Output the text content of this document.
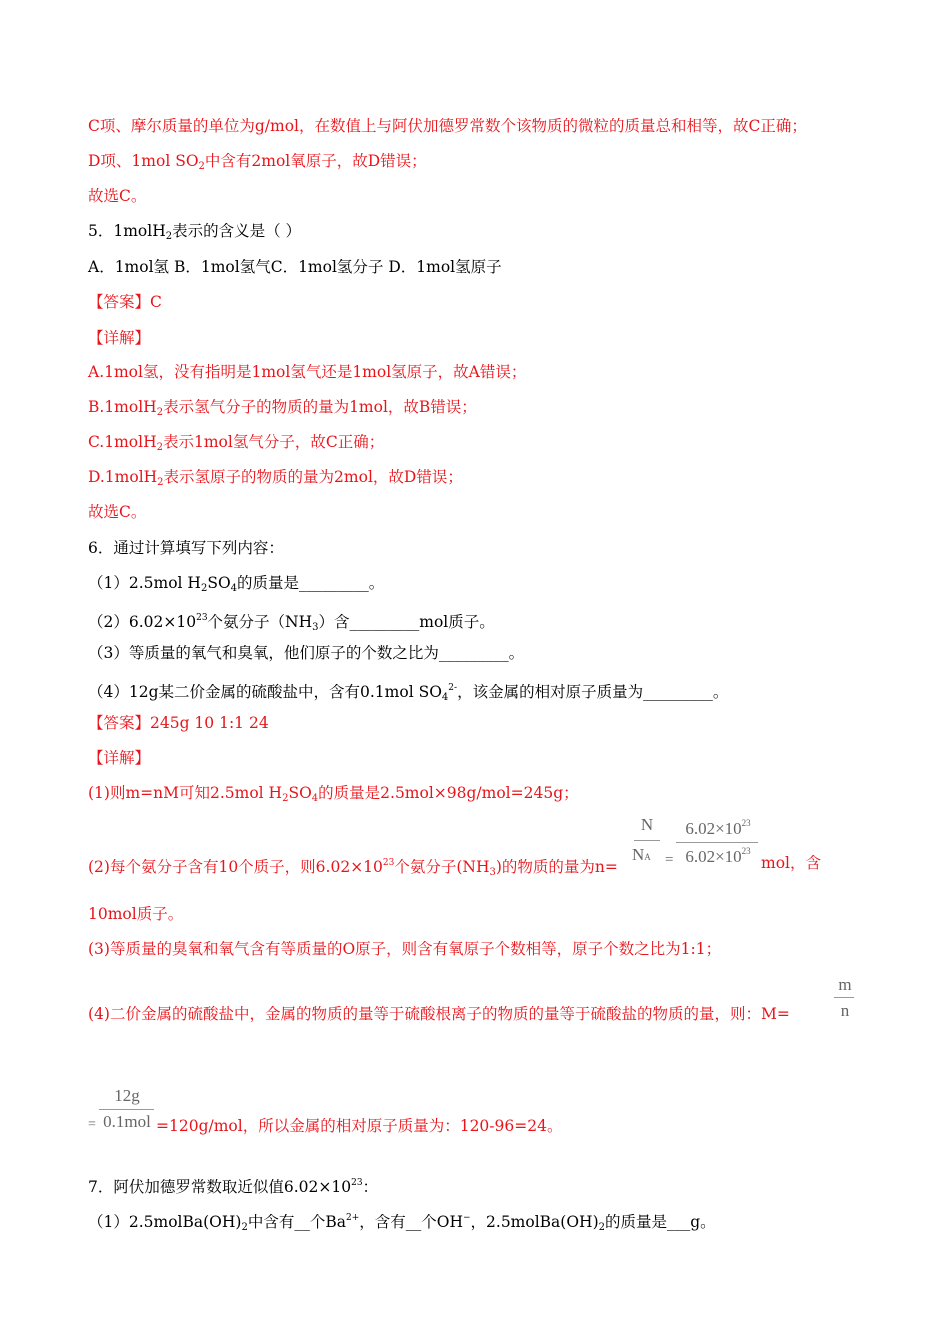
C项、摩尔质量的单位为g/mol，在数值上与阿伏加德罗常数个该物质的微粒的质量总和相等，故C正确；
D项、1mol $SO_2$中含有2mol氧原子，故D错误；
故选C。
5．1molH$_2$表示的含义是（ ）
A．1mol氢 B．1mol氢气C．1mol氢分子 D．1mol氢原子
【答案】C
【详解】
A.1mol氢，没有指明是1mol氢气还是1mol氢原子，故A错误；
B.1molH$_2$表示氢气分子的物质的量为1mol，故B错误；
C.1molH$_2$表示1mol氢气分子，故C正确；
D.1molH$_2$表示氢原子的物质的量为2mol，故D错误；
故选C。
6．通过计算填写下列内容：
（1）2.5mol $H_2SO_4$的质量是_________。
$(2)6.02\times 10^{23}$个氨分子$(NH_3)$含_________mol质子。
（3）等质量的氧气和臭氧，他们原子的个数之比为_________。
（4）12g某二价金属的硫酸盐中，含有0.1mol $SO_4^{2-}$，该金属的相对原子质量为_________。
【答案】245g 10 1:1 24
【详解】
(1)则m=nM可知2.5mol $H_2SO_4$的质量是2.5mol×98g/mol=245g；
(2)每个氨分子含有10个质子，则$6.02\times 10^{23}$个氨分子$(NH_3)$的物质的量为n=	mol，含
N
NA =
$6.02\times 10^{23}$
$6.02\times 10^{23}$
10mol质子。
(3)等质量的臭氧和氧气含有等质量的O原子，则含有氧原子个数相等，原子个数之比为1:1；
(4)二价金属的硫酸盐中，金属的物质的量等于硫酸根离子的物质的量等于硫酸盐的物质的量，则：M=
m
n
=
12g
0.1mol =120g/mol，所以金属的相对原子质量为：120-96=24。
7．阿伏加德罗常数取近似值$6.02\times 10^{23}$：
$(1)2.5molBa(OH)_2$中含有__个$Ba^{2+}$，含有__个OH−，$2.5molBa(OH)_2$的质量是___g。
